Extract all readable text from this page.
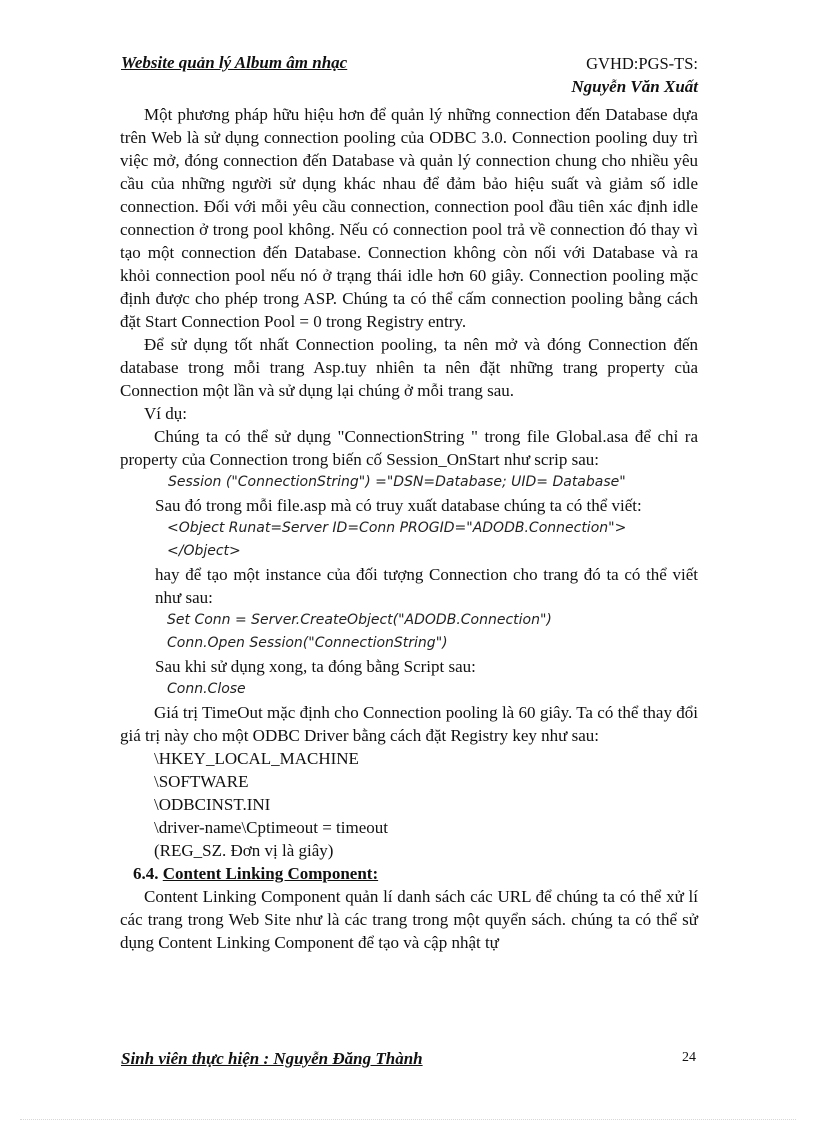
Website quản lý Album âm nhạc	GVHD:PGS-TS:
Nguyễn Văn Xuất

Một phương pháp hữu hiệu hơn để quản lý những connection đến Database dựa trên Web là sử dụng connection pooling của ODBC 3.0. Connection pooling duy trì việc mở, đóng connection đến Database và quản lý connection chung cho nhiều yêu cầu của những người sử dụng khác nhau để đảm bảo hiệu suất và giảm số idle connection. Đối với mỗi yêu cầu connection, connection pool đầu tiên xác định idle connection ở trong pool không. Nếu có connection pool trả về connection đó thay vì tạo một connection đến Database. Connection không còn nối với Database và ra khỏi connection pool nếu nó ở trạng thái idle hơn 60 giây. Connection pooling mặc định được cho phép trong ASP. Chúng ta có thể cấm connection pooling bằng cách đặt Start Connection Pool = 0 trong Registry entry.

Để sử dụng tốt nhất Connection pooling, ta nên mở và đóng Connection đến database trong mỗi trang Asp.tuy nhiên ta nên đặt những trang property của Connection một lần và sử dụng lại chúng ở mỗi trang sau.

Ví dụ:

Chúng ta có thể sử dụng "ConnectionString " trong file Global.asa để chỉ ra property của Connection trong biến cố Session_OnStart như scrip sau:

Session ("ConnectionString") ="DSN=Database; UID= Database"

Sau đó trong mỗi file.asp mà có truy xuất database chúng ta có thể viết:

<Object Runat=Server ID=Conn PROGID="ADODB.Connection">

</Object>

hay để tạo một instance của đối tượng Connection cho trang đó ta có thể viết như sau:

Set Conn = Server.CreateObject("ADODB.Connection")

Conn.Open Session("ConnectionString")

Sau khi sử dụng xong, ta đóng bằng Script sau:

Conn.Close

Giá trị TimeOut mặc định cho Connection pooling là 60 giây. Ta có thể thay đổi giá trị này cho một ODBC Driver bằng cách đặt Registry key như sau:

\HKEY_LOCAL_MACHINE

\SOFTWARE

\ODBCINST.INI

\driver-name\Cptimeout = timeout

(REG_SZ. Đơn vị là giây)

6.4. Content Linking Component:

Content Linking Component quản lí danh sách các URL để chúng ta có thể xử lí các trang trong Web Site như là các trang trong một quyển sách. chúng ta có thể sử dụng Content Linking Component để tạo và cập nhật tự

Sinh viên thực hiện : Nguyễn Đăng Thành	24
